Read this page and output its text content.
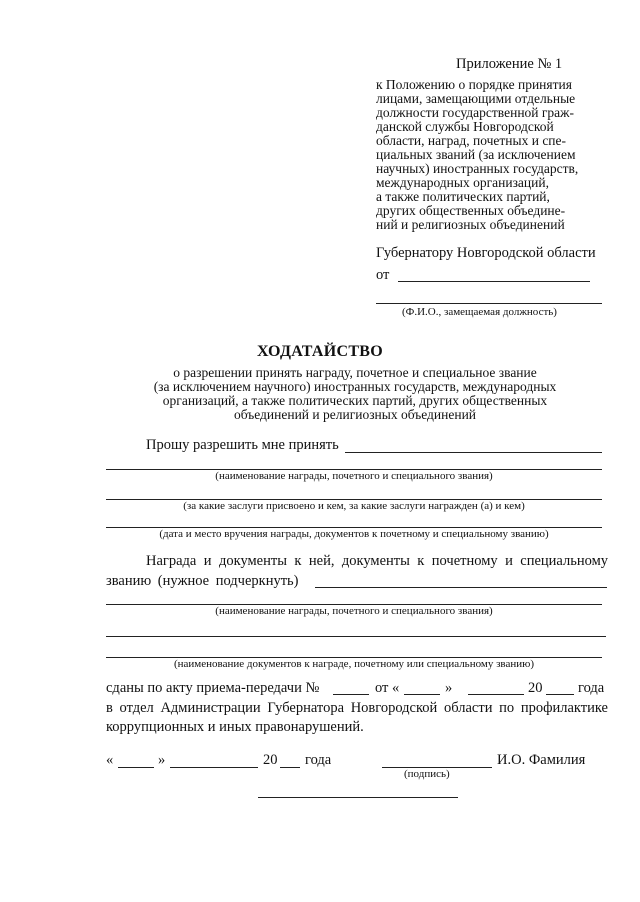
Приложение № 1
к Положению о порядке принятия
лицами, замещающими отдельные
должности государственной граж-
данской службы Новгородской
области, наград, почетных и спе-
циальных званий (за исключением
научных) иностранных государств,
международных организаций,
а также политических партий,
других общественных объедине-
ний и религиозных объединений
Губернатору Новгородской области
от
(Ф.И.О., замещаемая должность)
ХОДАТАЙСТВО
о разрешении принять награду, почетное и специальное звание
(за исключением научного) иностранных государств, международных
организаций, а также политических партий, других общественных
объединений и религиозных объединений
Прошу разрешить мне принять
(наименование награды, почетного и специального звания)
(за какие заслуги присвоено и кем, за какие заслуги награжден (а) и кем)
(дата и место вручения награды, документов к почетному и специальному званию)
Награда и документы к ней, документы к почетному и специальному
званию (нужное подчеркнуть)
(наименование награды, почетного и специального звания)
(наименование документов к награде, почетному или специальному званию)
сданы по акту приема-передачи №	от «	»	20 года
в отдел Администрации Губернатора Новгородской области по профилактике
коррупционных и иных правонарушений.
«	»	20 года	И.О. Фамилия
(подпись)
